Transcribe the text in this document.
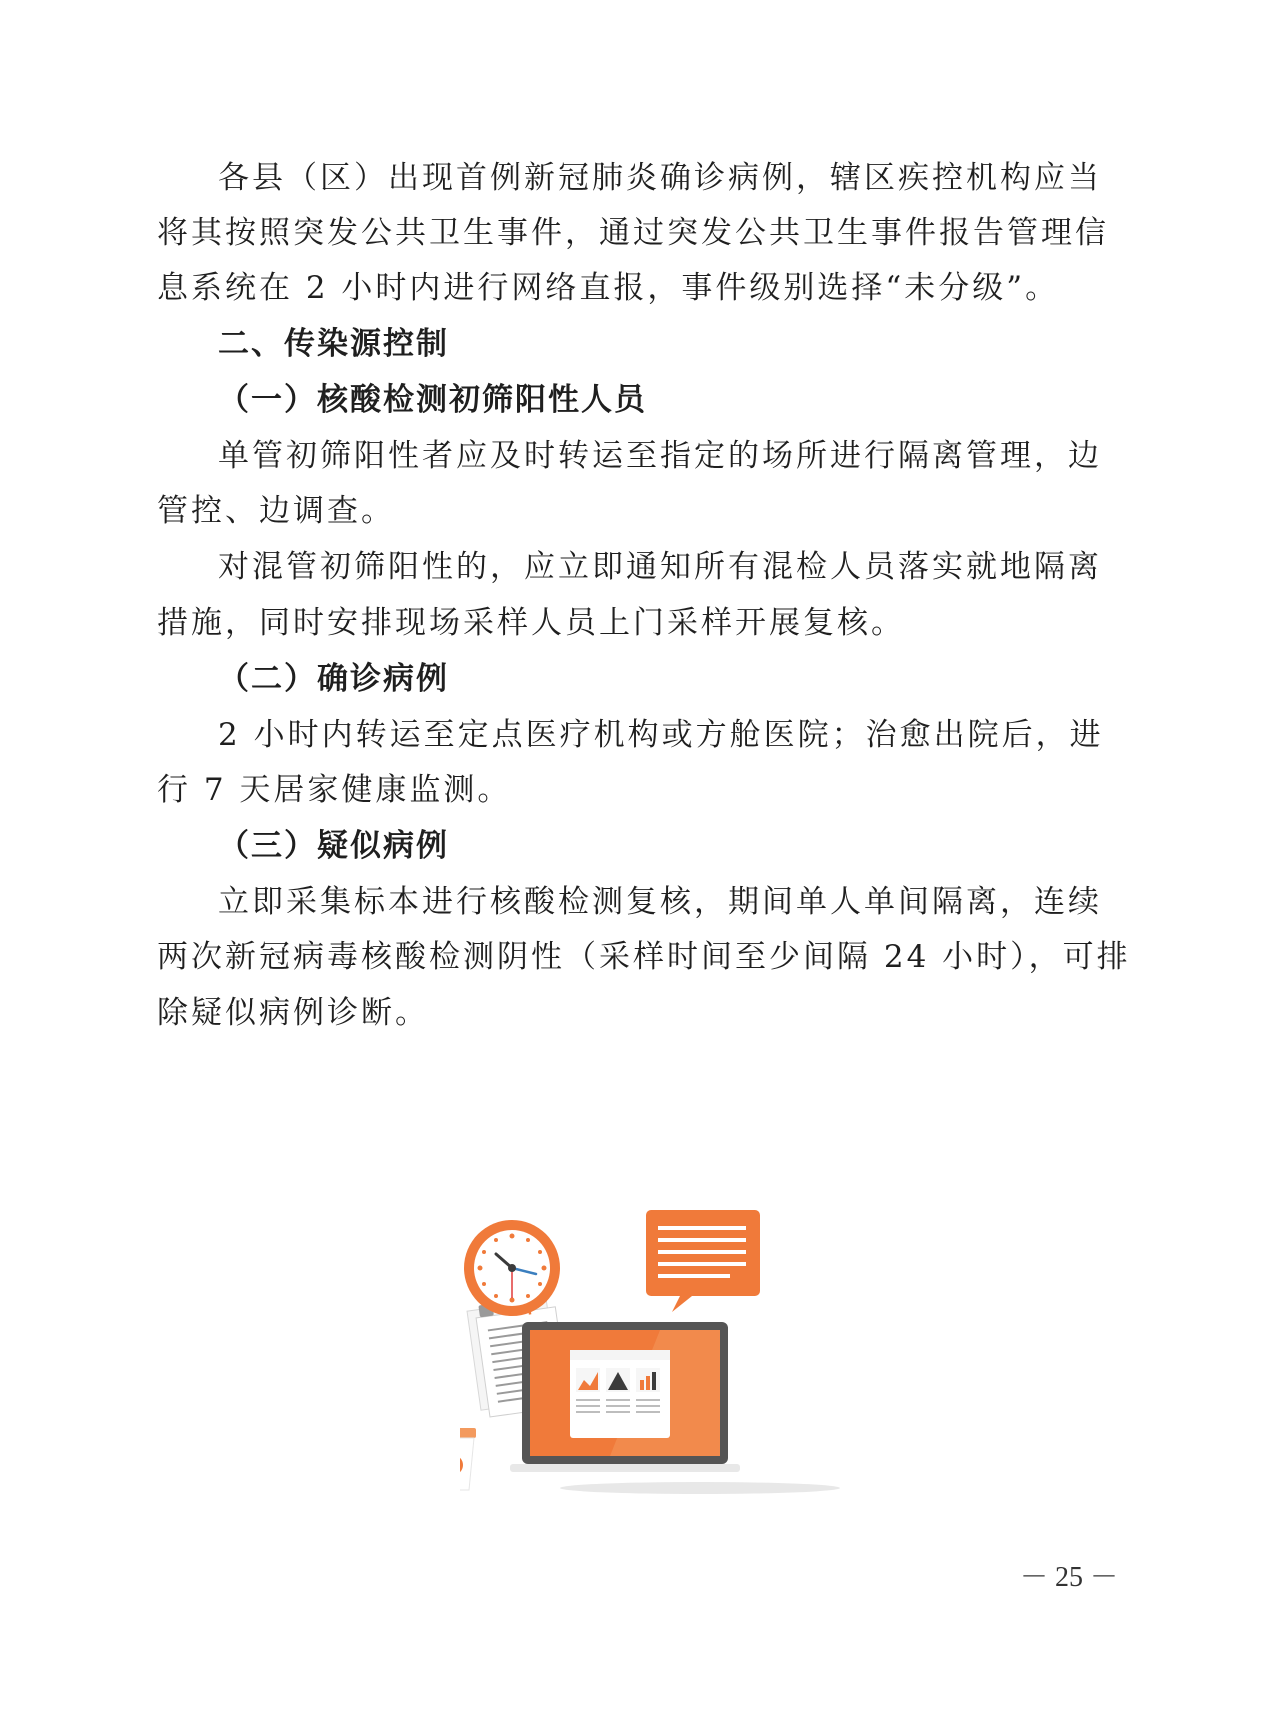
各县（区）出现首例新冠肺炎确诊病例，辖区疾控机构应当
将其按照突发公共卫生事件，通过突发公共卫生事件报告管理信
息系统在 2 小时内进行网络直报，事件级别选择“未分级”。
二、传染源控制
（一）核酸检测初筛阳性人员
单管初筛阳性者应及时转运至指定的场所进行隔离管理，边
管控、边调查。
对混管初筛阳性的，应立即通知所有混检人员落实就地隔离
措施，同时安排现场采样人员上门采样开展复核。
（二）确诊病例
2 小时内转运至定点医疗机构或方舱医院；治愈出院后，进
行 7 天居家健康监测。
（三）疑似病例
立即采集标本进行核酸检测复核，期间单人单间隔离，连续
两次新冠病毒核酸检测阴性（采样时间至少间隔 24 小时），可排
除疑似病例诊断。
－ 25 －
